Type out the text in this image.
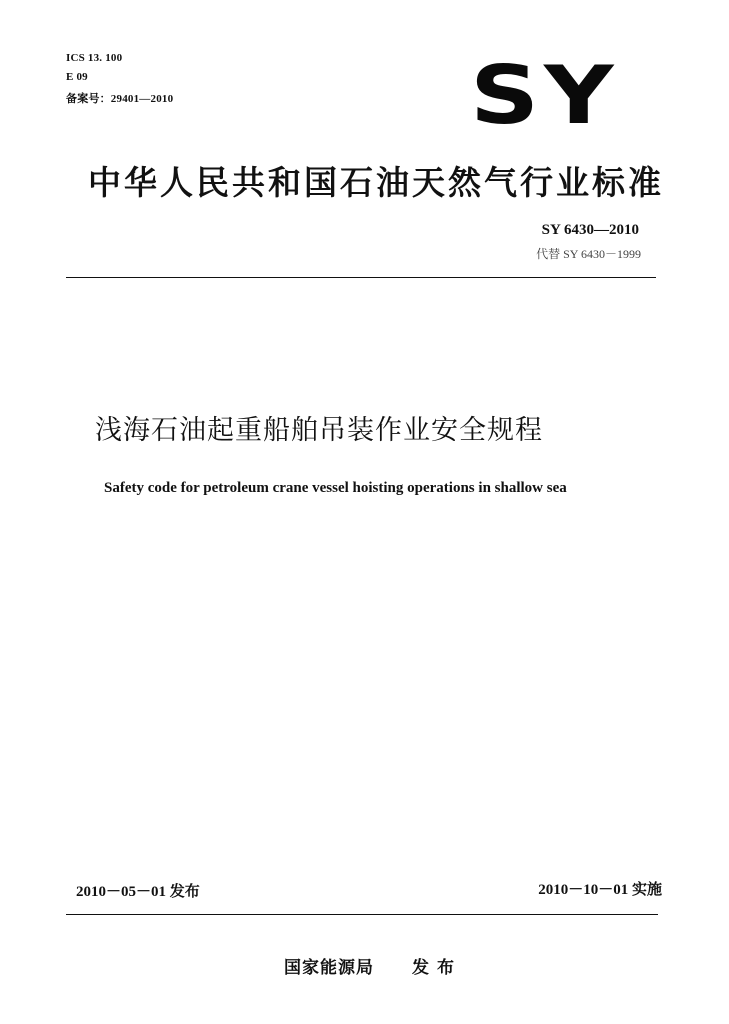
ICS 13. 100
E 09
备案号：29401—2010	SY
中华人民共和国石油天然气行业标准
SY 6430—2010
代替 SY 6430－1999
浅海石油起重船舶吊装作业安全规程
Safety code for petroleum crane vessel hoisting operations in shallow sea
2010－05－01 发布	2010－10－01 实施
国家能源局 发布
